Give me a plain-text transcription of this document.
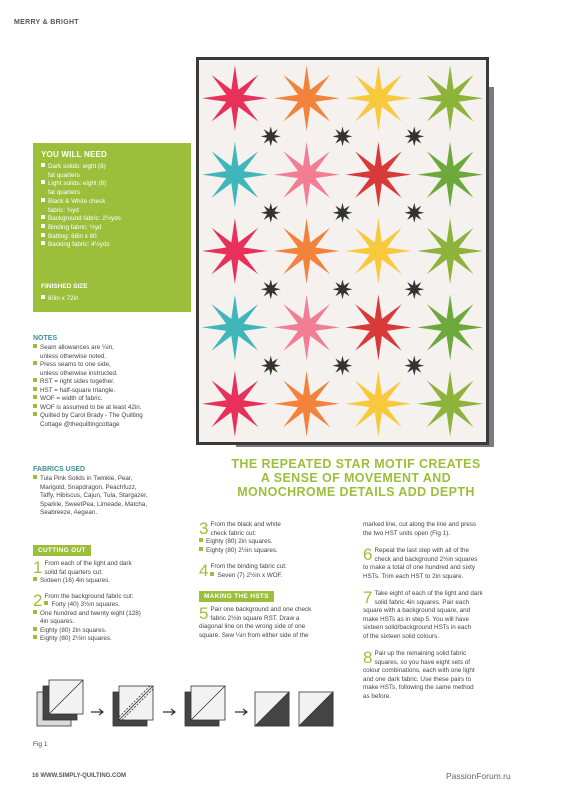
MERRY & BRIGHT
YOU WILL NEED
Dark solids: eight (8)
fat quarters
Light solids: eight (8)
fat quarters
Black & White check
fabric: ¾yd
Background fabric: 2½yds
Binding fabric: ½yd
Batting: 68in x 80
Backing fabric: 4½yds
FINISHED SIZE
60in x 72in
NOTES
Seam allowances are ¼in,
unless otherwise noted.
Press seams to one side,
unless otherwise instructed.
RST = right sides together.
HST = half-square triangle.
WOF = width of fabric.
WOF is assumed to be at least 42in.
Quilted by Carol Brady - The Quilting
Cottage @thequiltingcottage
FABRICS USED
Tula Pink Solids in Twinkle, Pear,
Marigold, Snapdragon, Peachfuzz,
Taffy, Hibiscus, Cajun, Tula, Stargazer,
Sparkle, SweetPea, Limeade, Matcha,
Seabreeze, Aegean.
CUTTING OUT
1 From each of the light and dark
solid fat quarters cut:
Sixteen (16) 4in squares.
2 From the background fabric cut:
Forty (40) 3½in squares.
One hundred and twenty eight (128)
4in squares.
Eighty (80) 2in squares.
Eighty (80) 2½in squares.
THE REPEATED STAR MOTIF CREATES
A SENSE OF MOVEMENT AND
MONOCHROME DETAILS ADD DEPTH
3 From the black and white
check fabric cut:
Eighty (80) 2in squares.
Eighty (80) 2½in squares.
4 From the binding fabric cut:
Seven (7) 2½in x WOF.
MAKING THE HSTS
5 Pair one background and one check
fabric 2½in square RST. Draw a
diagonal line on the wrong side of one
square. Sew ¼in from either side of the
marked line, cut along the line and press
the two HST units open (Fig 1).
6 Repeat the last step with all of the
check and background 2½in squares
to make a total of one hundred and sixty
HSTs. Trim each HST to 2in square.
7 Take eight of each of the light and dark
solid fabric 4in squares. Pair each
square with a background square, and
make HSTs as in step 5. You will have
sixteen solid/background HSTs in each
of the sixteen solid colours.
8 Pair up the remaining solid fabric
squares, so you have eight sets of
colour combinations, each with one light
and one dark fabric. Use these pairs to
make HSTs, following the same method
as before.
Fig 1
16 WWW.SIMPLY-QUILTING.COM	PassionForum.ru
